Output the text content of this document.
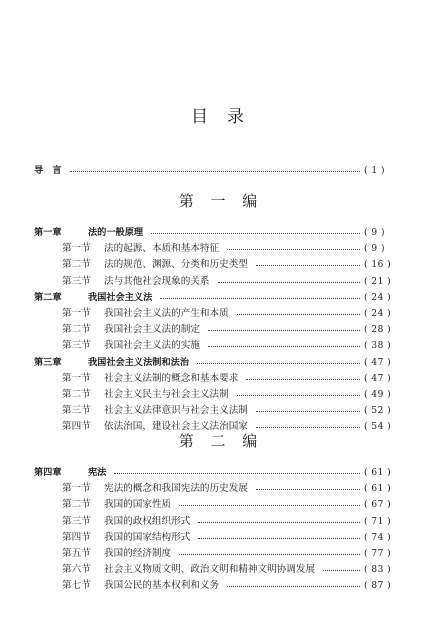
目　录
导　言	( 1 )
第 一 编
第一章	法的一般原理	( 9 )
第一节 法的起源、本质和基本特征	( 9 )
第二节 法的规范、渊源、分类和历史类型	( 16 )
第三节 法与其他社会现象的关系	( 21 )
第二章	我国社会主义法	( 24 )
第一节 我国社会主义法的产生和本质	( 24 )
第二节 我国社会主义法的制定	( 28 )
第三节 我国社会主义法的实施	( 38 )
第三章	我国社会主义法制和法治	( 47 )
第一节 社会主义法制的概念和基本要求	( 47 )
第二节 社会主义民主与社会主义法制	( 49 )
第三节 社会主义法律意识与社会主义法制	( 52 )
第四节 依法治国，建设社会主义法治国家	( 54 )
第 二 编
第四章	宪法	( 61 )
第一节 宪法的概念和我国宪法的历史发展	( 61 )
第二节 我国的国家性质	( 67 )
第三节 我国的政权组织形式	( 71 )
第四节 我国的国家结构形式	( 74 )
第五节 我国的经济制度	( 77 )
第六节 社会主义物质文明、政治文明和精神文明协调发展	( 83 )
第七节 我国公民的基本权利和义务	( 87 )
